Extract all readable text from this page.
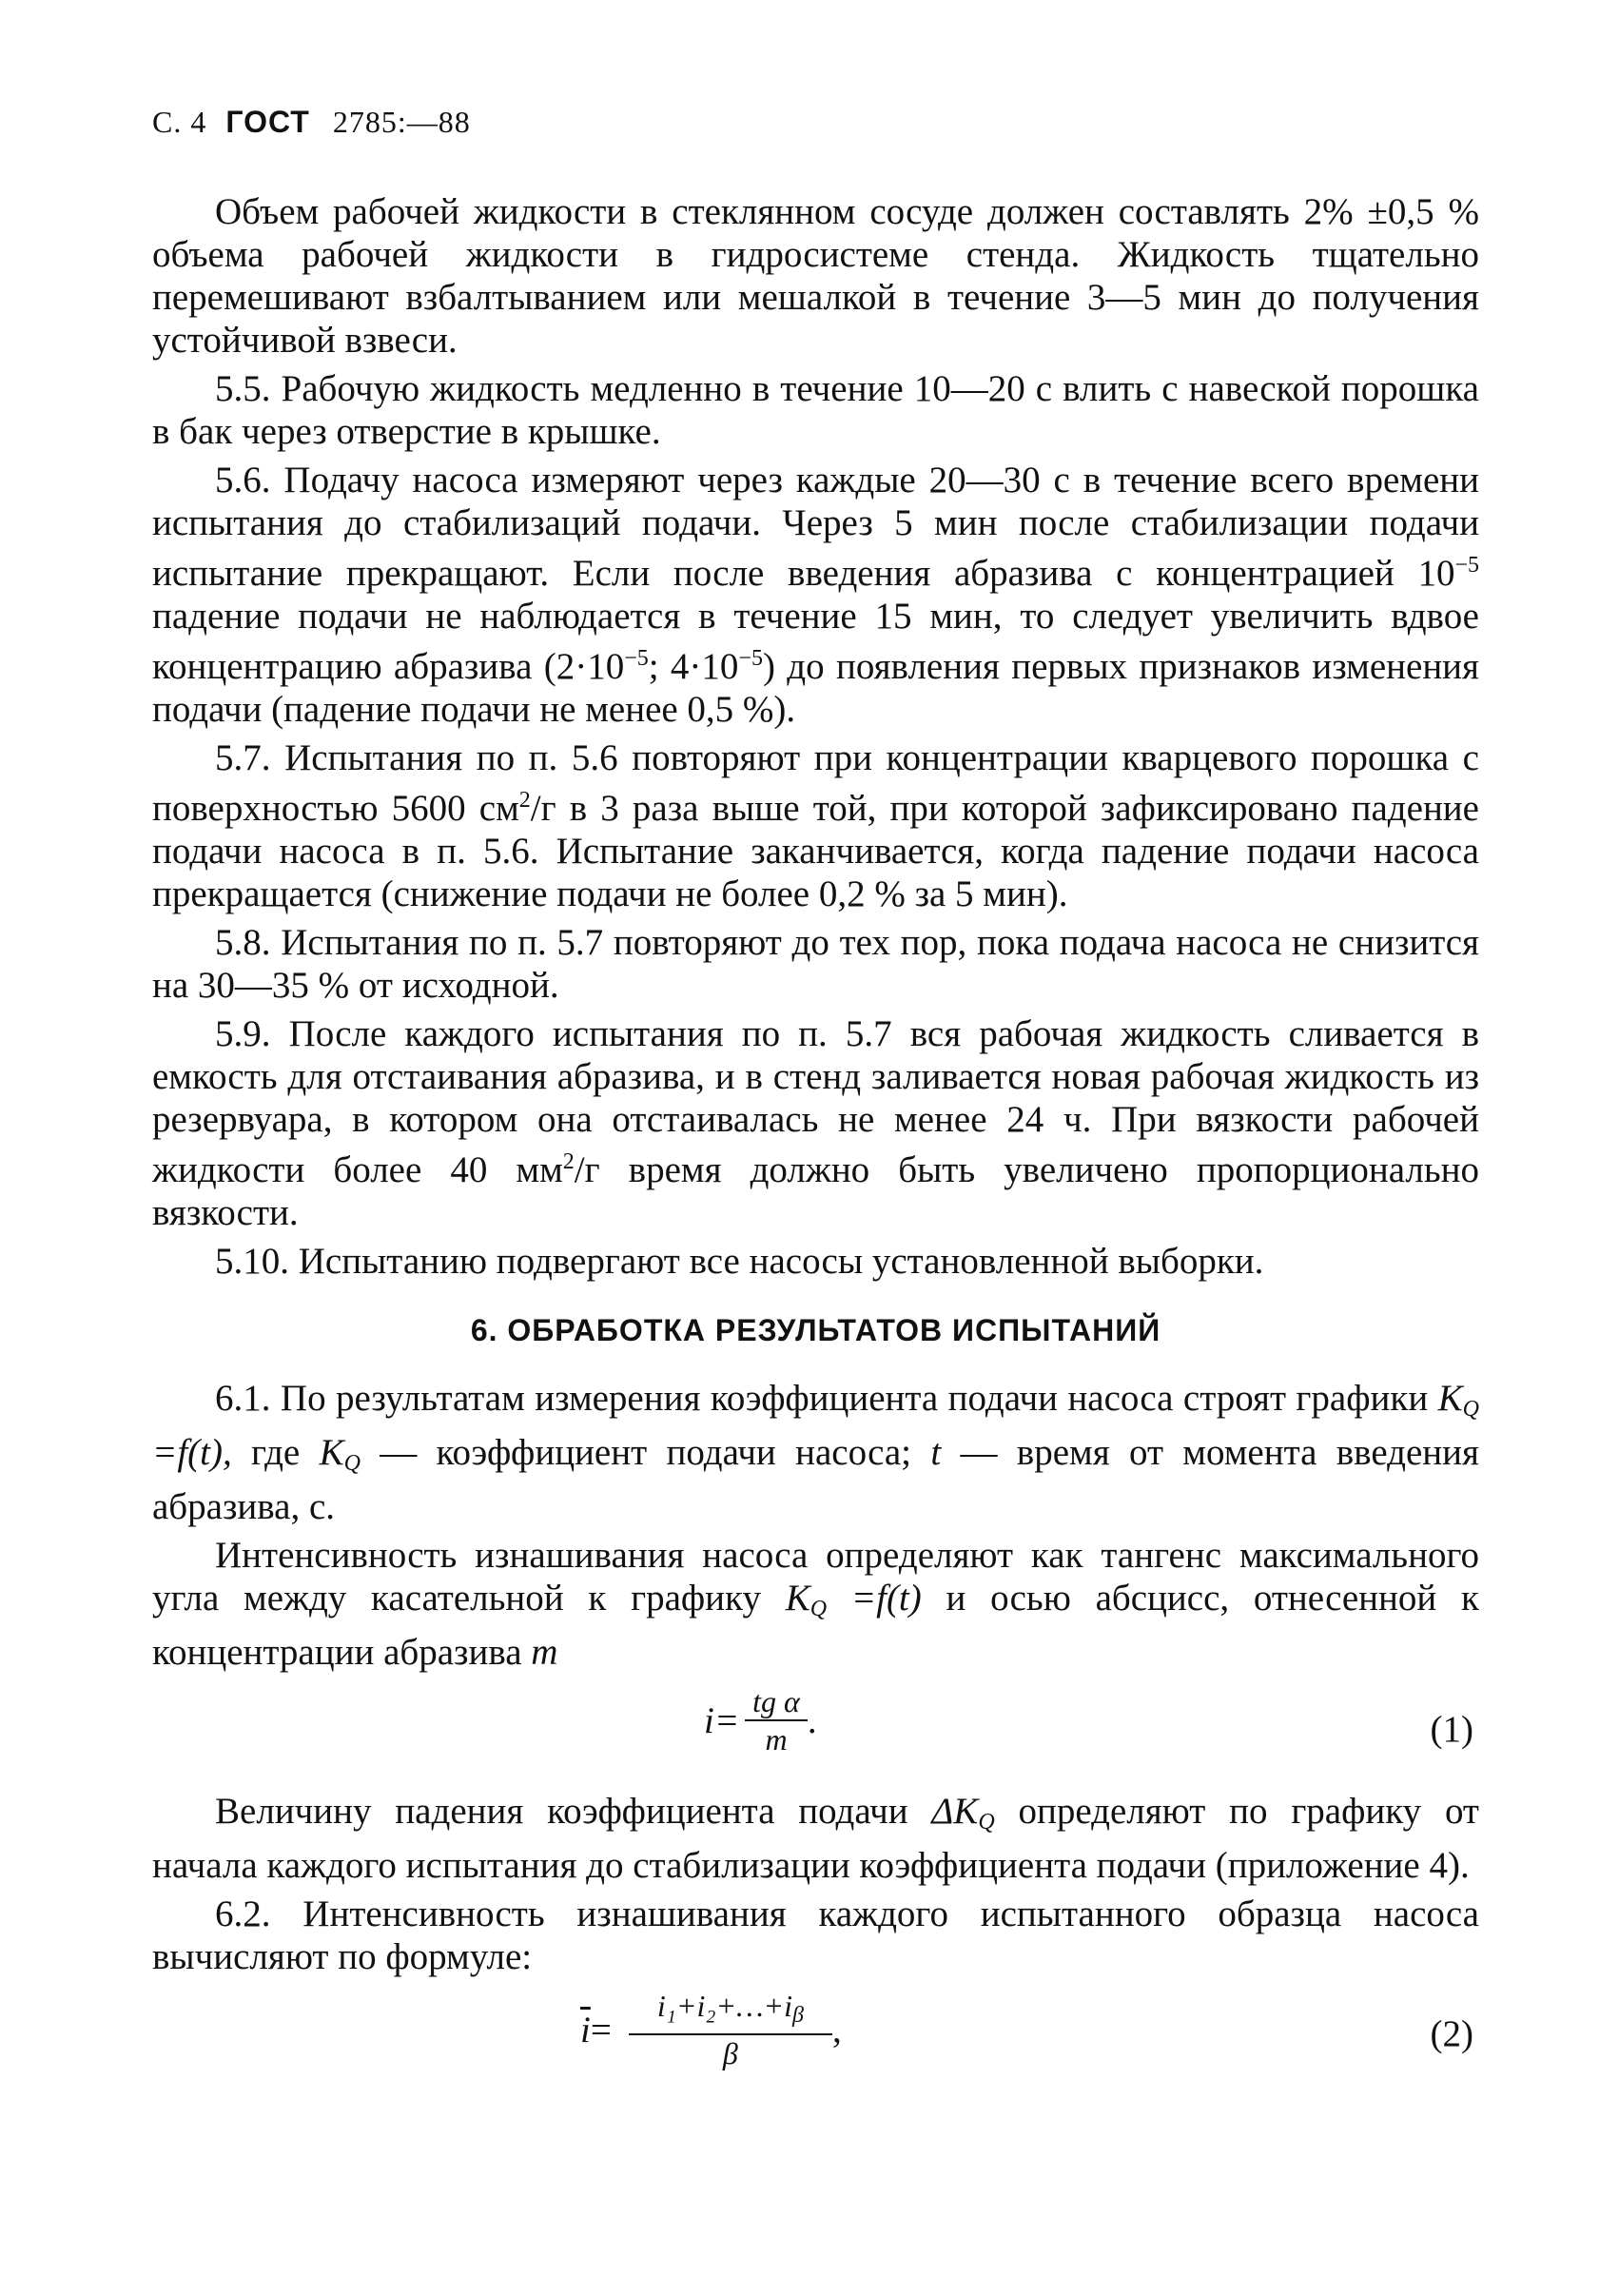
С. 4 ГОСТ 2785:—88

Объем рабочей жидкости в стеклянном сосуде должен составлять 2% ±0,5 % объема рабочей жидкости в гидросистеме стенда. Жидкость тщательно перемешивают взбалтыванием или мешалкой в течение 3—5 мин до получения устойчивой взвеси.

5.5. Рабочую жидкость медленно в течение 10—20 с влить с навеской порошка в бак через отверстие в крышке.

5.6. Подачу насоса измеряют через каждые 20—30 с в течение всего времени испытания до стабилизаций подачи. Через 5 мин после стабилизации подачи испытание прекращают. Если после введения абразива с концентрацией $10^{-5}$ падение подачи не наблюдается в течение 15 мин, то следует увеличить вдвое концентрацию абразива ($2\cdot 10^{-5}$; $4\cdot 10^{-5}$) до появления первых признаков изменения подачи (падение подачи не менее 0,5 %).

5.7. Испытания по п. 5.6 повторяют при концентрации кварцевого порошка с поверхностью 5600 $см^2/г$ в 3 раза выше той, при которой зафиксировано падение подачи насоса в п. 5.6. Испытание заканчивается, когда падение подачи насоса прекращается (снижение подачи не более 0,2 % за 5 мин).

5.8. Испытания по п. 5.7 повторяют до тех пор, пока подача насоса не снизится на 30—35 % от исходной.

5.9. После каждого испытания по п. 5.7 вся рабочая жидкость сливается в емкость для отстаивания абразива, и в стенд заливается новая рабочая жидкость из резервуара, в котором она отстаивалась не менее 24 ч. При вязкости рабочей жидкости более 40 $мм^2/г$ время должно быть увеличено пропорционально вязкости.

5.10. Испытанию подвергают все насосы установленной выборки.

6. ОБРАБОТКА РЕЗУЛЬТАТОВ ИСПЫТАНИЙ

6.1. По результатам измерения коэффициента подачи насоса строят графики $K_Q =f(t)$, где $K_Q$ — коэффициент подачи насоса; t — время от момента введения абразива, с.

Интенсивность изнашивания насоса определяют как тангенс максимального угла между касательной к графику $K_Q =f(t)$ и осью абсцисс, отнесенной к концентрации абразива m

$i= \frac{\text{tg α}}{m}$ .	(1)

Величину падения коэффициента подачи $\Delta K_Q$ определяют по графику от начала каждого испытания до стабилизации коэффициента подачи (приложение 4).

6.2. Интенсивность изнашивания каждого испытанного образца насоса вычисляют по формуле:

$\overline{i} = \frac{i_1+i_2+\dots+i_\beta}{\beta}$ ,	(2)
